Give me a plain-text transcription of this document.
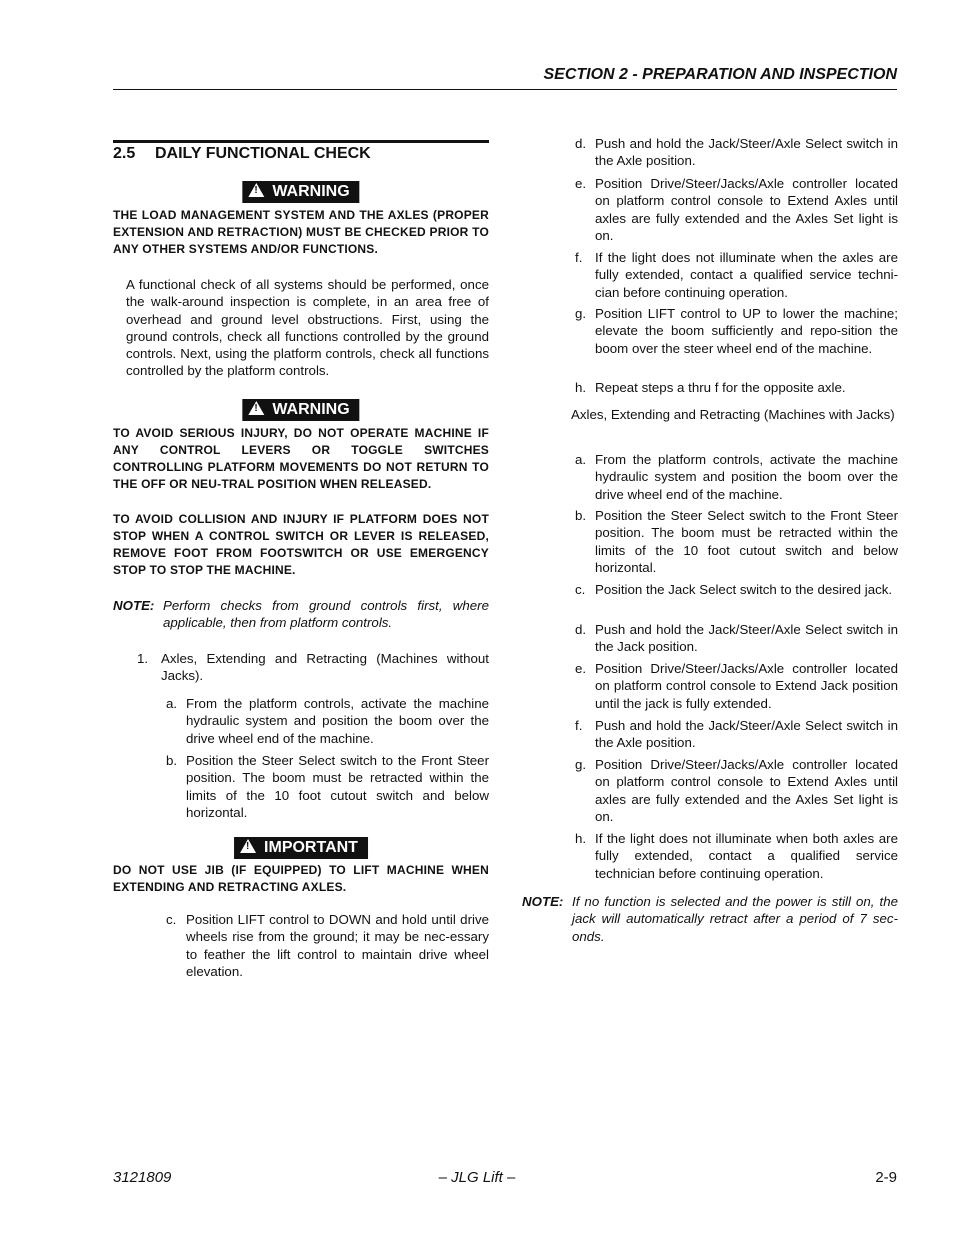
SECTION 2 - PREPARATION AND INSPECTION
2.5 DAILY FUNCTIONAL CHECK
! WARNING
THE LOAD MANAGEMENT SYSTEM AND THE AXLES (PROPER EXTENSION AND RETRACTION) MUST BE CHECKED PRIOR TO ANY OTHER SYSTEMS AND/OR FUNCTIONS.
A functional check of all systems should be performed, once the walk-around inspection is complete, in an area free of overhead and ground level obstructions. First, using the ground controls, check all functions controlled by the ground controls. Next, using the platform controls, check all functions controlled by the platform controls.
! WARNING
TO AVOID SERIOUS INJURY, DO NOT OPERATE MACHINE IF ANY CONTROL LEVERS OR TOGGLE SWITCHES CONTROLLING PLATFORM MOVEMENTS DO NOT RETURN TO THE OFF OR NEU-TRAL POSITION WHEN RELEASED.
TO AVOID COLLISION AND INJURY IF PLATFORM DOES NOT STOP WHEN A CONTROL SWITCH OR LEVER IS RELEASED, REMOVE FOOT FROM FOOTSWITCH OR USE EMERGENCY STOP TO STOP THE MACHINE.
NOTE: Perform checks from ground controls first, where applicable, then from platform controls.
1. Axles, Extending and Retracting (Machines without Jacks).
a. From the platform controls, activate the machine hydraulic system and position the boom over the drive wheel end of the machine.
b. Position the Steer Select switch to the Front Steer position. The boom must be retracted within the limits of the 10 foot cutout switch and below horizontal.
! IMPORTANT
DO NOT USE JIB (IF EQUIPPED) TO LIFT MACHINE WHEN EXTENDING AND RETRACTING AXLES.
c. Position LIFT control to DOWN and hold until drive wheels rise from the ground; it may be nec-essary to feather the lift control to maintain drive wheel elevation.
d. Push and hold the Jack/Steer/Axle Select switch in the Axle position.
e. Position Drive/Steer/Jacks/Axle controller located on platform control console to Extend Axles until axles are fully extended and the Axles Set light is on.
f. If the light does not illuminate when the axles are fully extended, contact a qualified service techni-cian before continuing operation.
g. Position LIFT control to UP to lower the machine; elevate the boom sufficiently and repo-sition the boom over the steer wheel end of the machine.
h. Repeat steps a thru f for the opposite axle.
Axles, Extending and Retracting (Machines with Jacks)
a. From the platform controls, activate the machine hydraulic system and position the boom over the drive wheel end of the machine.
b. Position the Steer Select switch to the Front Steer position. The boom must be retracted within the limits of the 10 foot cutout switch and below horizontal.
c. Position the Jack Select switch to the desired jack.
d. Push and hold the Jack/Steer/Axle Select switch in the Jack position.
e. Position Drive/Steer/Jacks/Axle controller located on platform control console to Extend Jack position until the jack is fully extended.
f. Push and hold the Jack/Steer/Axle Select switch in the Axle position.
g. Position Drive/Steer/Jacks/Axle controller located on platform control console to Extend Axles until axles are fully extended and the Axles Set light is on.
h. If the light does not illuminate when both axles are fully extended, contact a qualified service technician before continuing operation.
NOTE: If no function is selected and the power is still on, the jack will automatically retract after a period of 7 sec-onds.
3121809	– JLG Lift –	2-9
